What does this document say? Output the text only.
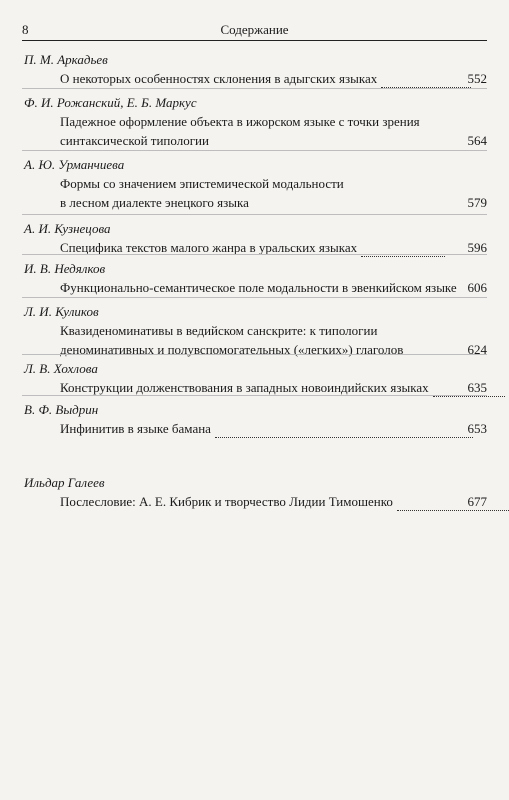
8	Содержание
П. М. Аркадьев
О некоторых особенностях склонения в адыгских языках	552
Ф. И. Рожанский, Е. Б. Маркус
Падежное оформление объекта в ижорском языке с точки зрения
синтаксической типологии	564
А. Ю. Урманчиева
Формы со значением эпистемической модальности
в лесном диалекте энецкого языка	579
А. И. Кузнецова
Специфика текстов малого жанра в уральских языках	596
И. В. Недялков
Функционально-семантическое поле модальности в эвенкийском языке 606
Л. И. Куликов
Квазиденоминативы в ведийском санскрите: к типологии
деноминативных и полувспомогательных («легких») глаголов	624
Л. В. Хохлова
Конструкции долженствования в западных новоиндийских языках	635
В. Ф. Выдрин
Инфинитив в языке бамана	653
Ильдар Галеев
Послесловие: А. Е. Кибрик и творчество Лидии Тимошенко	677
